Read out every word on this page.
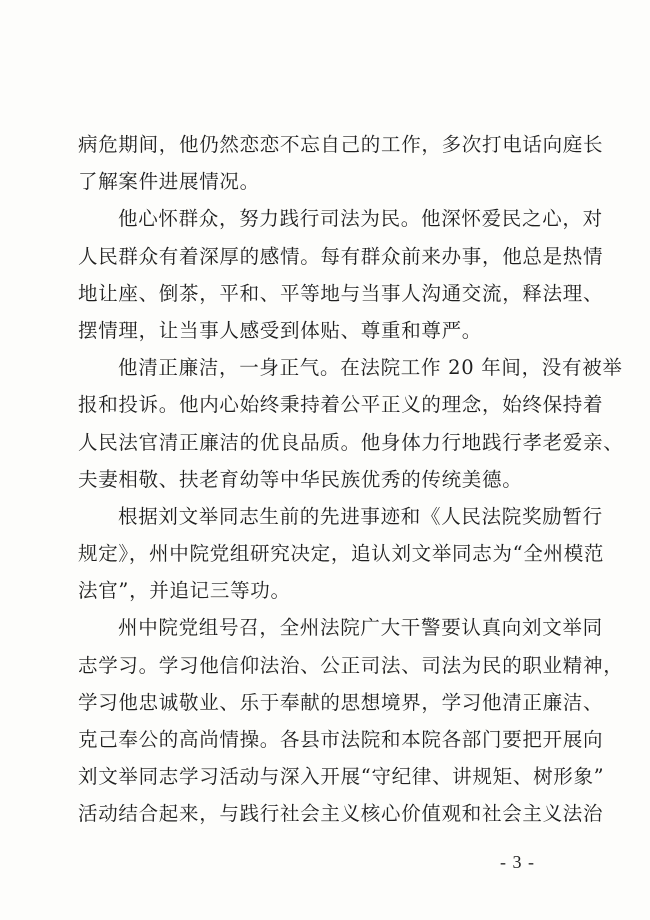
病危期间，他仍然恋恋不忘自己的工作，多次打电话向庭长
了解案件进展情况。
他心怀群众，努力践行司法为民。他深怀爱民之心，对
人民群众有着深厚的感情。每有群众前来办事，他总是热情
地让座、倒茶，平和、平等地与当事人沟通交流，释法理、
摆情理，让当事人感受到体贴、尊重和尊严。
他清正廉洁，一身正气。在法院工作 20 年间，没有被举
报和投诉。他内心始终秉持着公平正义的理念，始终保持着
人民法官清正廉洁的优良品质。他身体力行地践行孝老爱亲、
夫妻相敬、扶老育幼等中华民族优秀的传统美德。
根据刘文举同志生前的先进事迹和《人民法院奖励暂行
规定》，州中院党组研究决定，追认刘文举同志为“全州模范
法官”，并追记三等功。
州中院党组号召，全州法院广大干警要认真向刘文举同
志学习。学习他信仰法治、公正司法、司法为民的职业精神，
学习他忠诚敬业、乐于奉献的思想境界，学习他清正廉洁、
克己奉公的高尚情操。各县市法院和本院各部门要把开展向
刘文举同志学习活动与深入开展“守纪律、讲规矩、树形象”
活动结合起来，与践行社会主义核心价值观和社会主义法治
- 3 -
